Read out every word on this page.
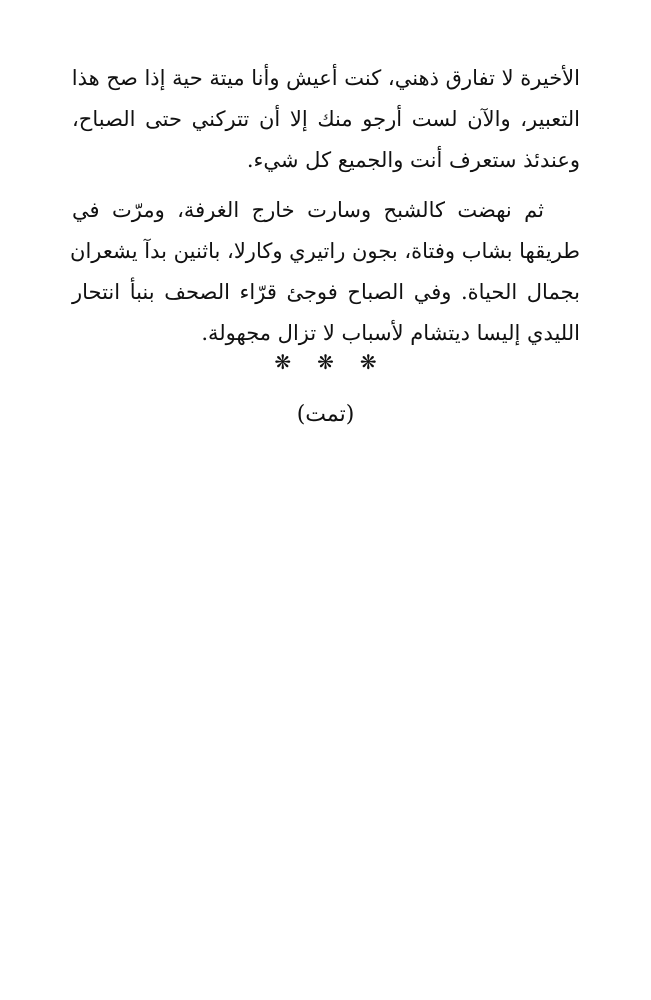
الأخيرة لا تفارق ذهني، كنت أعيش وأنا ميتة حية إذا صح هذا
التعبير، والآن لست أرجو منك إلا أن تتركني حتى الصباح،
وعندئذ ستعرف أنت والجميع كل شيء.
ثم نهضت كالشبح وسارت خارج الغرفة، ومرّت في
طريقها بشاب وفتاة، بجون راتيري وكارلا، باثنين بدآ يشعران
بجمال الحياة. وفي الصباح فوجئ قرّاء الصحف بنبأ انتحار
الليدي إليسا ديتشام لأسباب لا تزال مجهولة.
❋ ❋ ❋
(تمت)
